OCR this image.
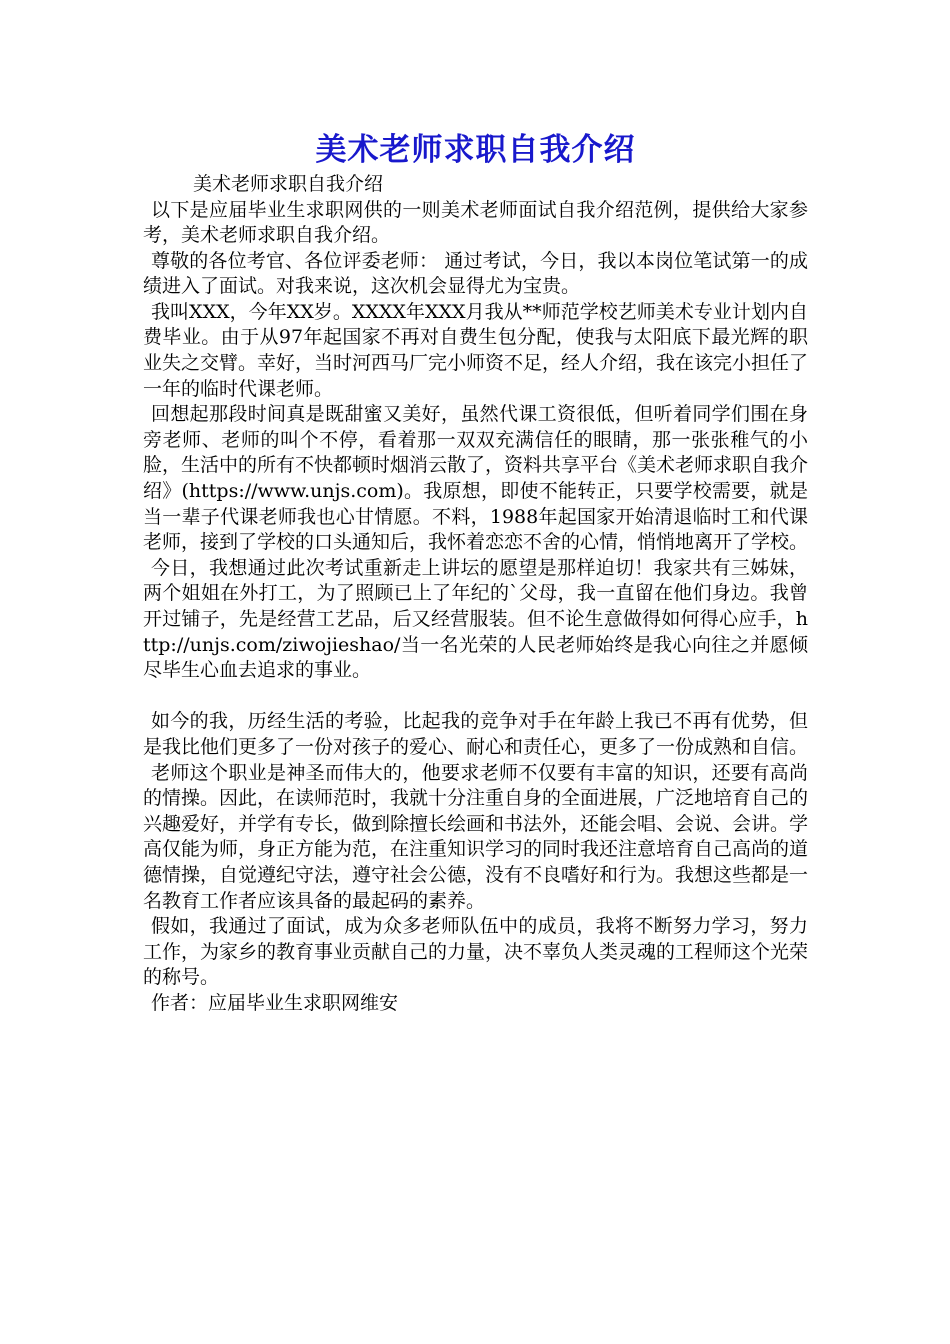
美术老师求职自我介绍

美术老师求职自我介绍

以下是应届毕业生求职网供的一则美术老师面试自我介绍范例，提供给大家参考，美术老师求职自我介绍。

尊敬的各位考官、各位评委老师： 通过考试，今日，我以本岗位笔试第一的成绩进入了面试。对我来说，这次机会显得尤为宝贵。

我叫XXX，今年XX岁。XXXX年XXX月我从**师范学校艺师美术专业计划内自费毕业。由于从97年起国家不再对自费生包分配，使我与太阳底下最光辉的职业失之交臂。幸好，当时河西马厂完小师资不足，经人介绍，我在该完小担任了一年的临时代课老师。

回想起那段时间真是既甜蜜又美好，虽然代课工资很低，但听着同学们围在身旁老师、老师的叫个不停，看着那一双双充满信任的眼睛，那一张张稚气的小脸，生活中的所有不快都顿时烟消云散了，资料共享平台《美术老师求职自我介绍》(https://www.unjs.com)。我原想，即使不能转正，只要学校需要，就是当一辈子代课老师我也心甘情愿。不料，1988年起国家开始清退临时工和代课老师，接到了学校的口头通知后，我怀着恋恋不舍的心情，悄悄地离开了学校。

今日，我想通过此次考试重新走上讲坛的愿望是那样迫切！我家共有三姊妹，两个姐姐在外打工，为了照顾已上了年纪的`父母，我一直留在他们身边。我曾开过铺子，先是经营工艺品，后又经营服装。但不论生意做得如何得心应手，http://unjs.com/ziwojieshao/当一名光荣的人民老师始终是我心向往之并愿倾尽毕生心血去追求的事业。

如今的我，历经生活的考验，比起我的竞争对手在年龄上我已不再有优势，但是我比他们更多了一份对孩子的爱心、耐心和责任心，更多了一份成熟和自信。

老师这个职业是神圣而伟大的，他要求老师不仅要有丰富的知识，还要有高尚的情操。因此，在读师范时，我就十分注重自身的全面进展，广泛地培育自己的兴趣爱好，并学有专长，做到除擅长绘画和书法外，还能会唱、会说、会讲。学高仅能为师，身正方能为范，在注重知识学习的同时我还注意培育自己高尚的道德情操，自觉遵纪守法，遵守社会公德，没有不良嗜好和行为。我想这些都是一名教育工作者应该具备的最起码的素养。

假如，我通过了面试，成为众多老师队伍中的成员，我将不断努力学习，努力工作，为家乡的教育事业贡献自己的力量，决不辜负人类灵魂的工程师这个光荣的称号。

作者：应届毕业生求职网维安
